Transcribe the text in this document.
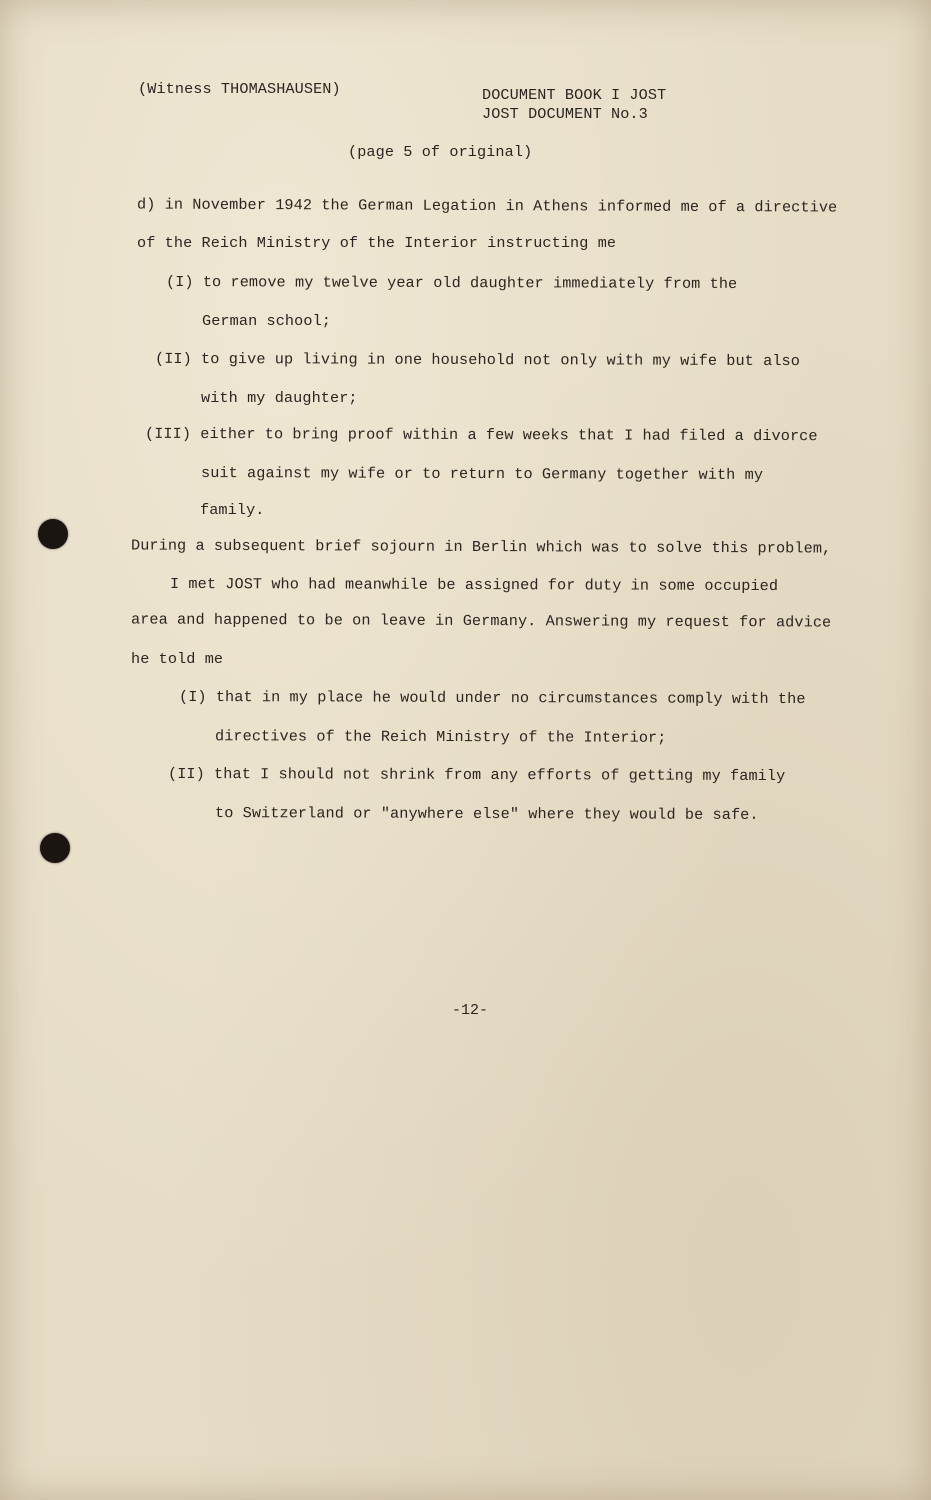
(Witness THOMASHAUSEN)	DOCUMENT BOOK I JOST
JOST DOCUMENT No.3
(page 5 of original)
d) in November 1942 the German Legation in Athens informed me of a directive
of the Reich Ministry of the Interior instructing me
(I) to remove my twelve year old daughter immediately from the
German school;
(II) to give up living in one household not only with my wife but also
with my daughter;
(III) either to bring proof within a few weeks that I had filed a divorce
suit against my wife or to return to Germany together with my
family.
During a subsequent brief sojourn in Berlin which was to solve this problem,
I met JOST who had meanwhile be assigned for duty in some occupied
area and happened to be on leave in Germany. Answering my request for advice
he told me
(I) that in my place he would under no circumstances comply with the
directives of the Reich Ministry of the Interior;
(II) that I should not shrink from any efforts of getting my family
to Switzerland or "anywhere else" where they would be safe.
-12-
